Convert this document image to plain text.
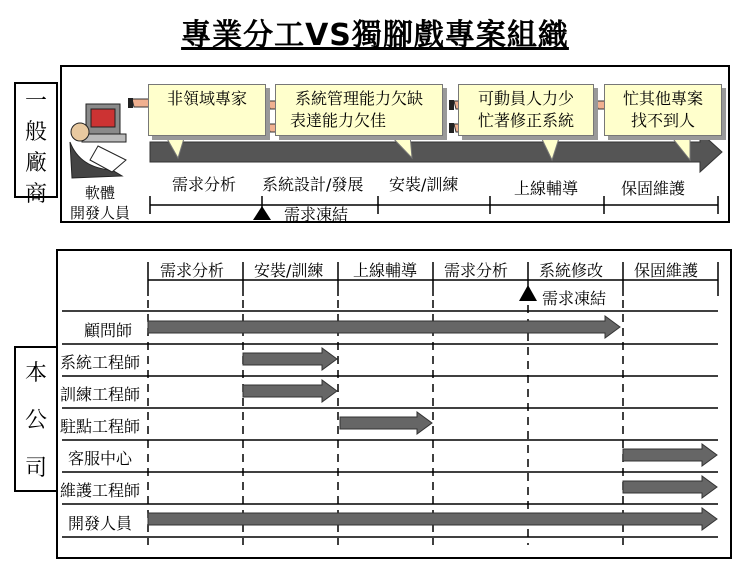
專業分工VS獨腳戲專案組織
一
般
廠
商
非領域專家	系統管理能力欠缺
表達能力欠佳
可動員人力少
忙著修正系統
忙其他專案
找不到人
軟體
開發人員
需求分析 系統設計/發展 安裝/訓練	上線輔導	保固維護
需求凍結
本
公
司
需求分析 安裝/訓練 上線輔導 需求分析 系統修改 保固維護
需求凍結
顧問師
系統工程師
訓練工程師
駐點工程師
客服中心
維護工程師
開發人員
